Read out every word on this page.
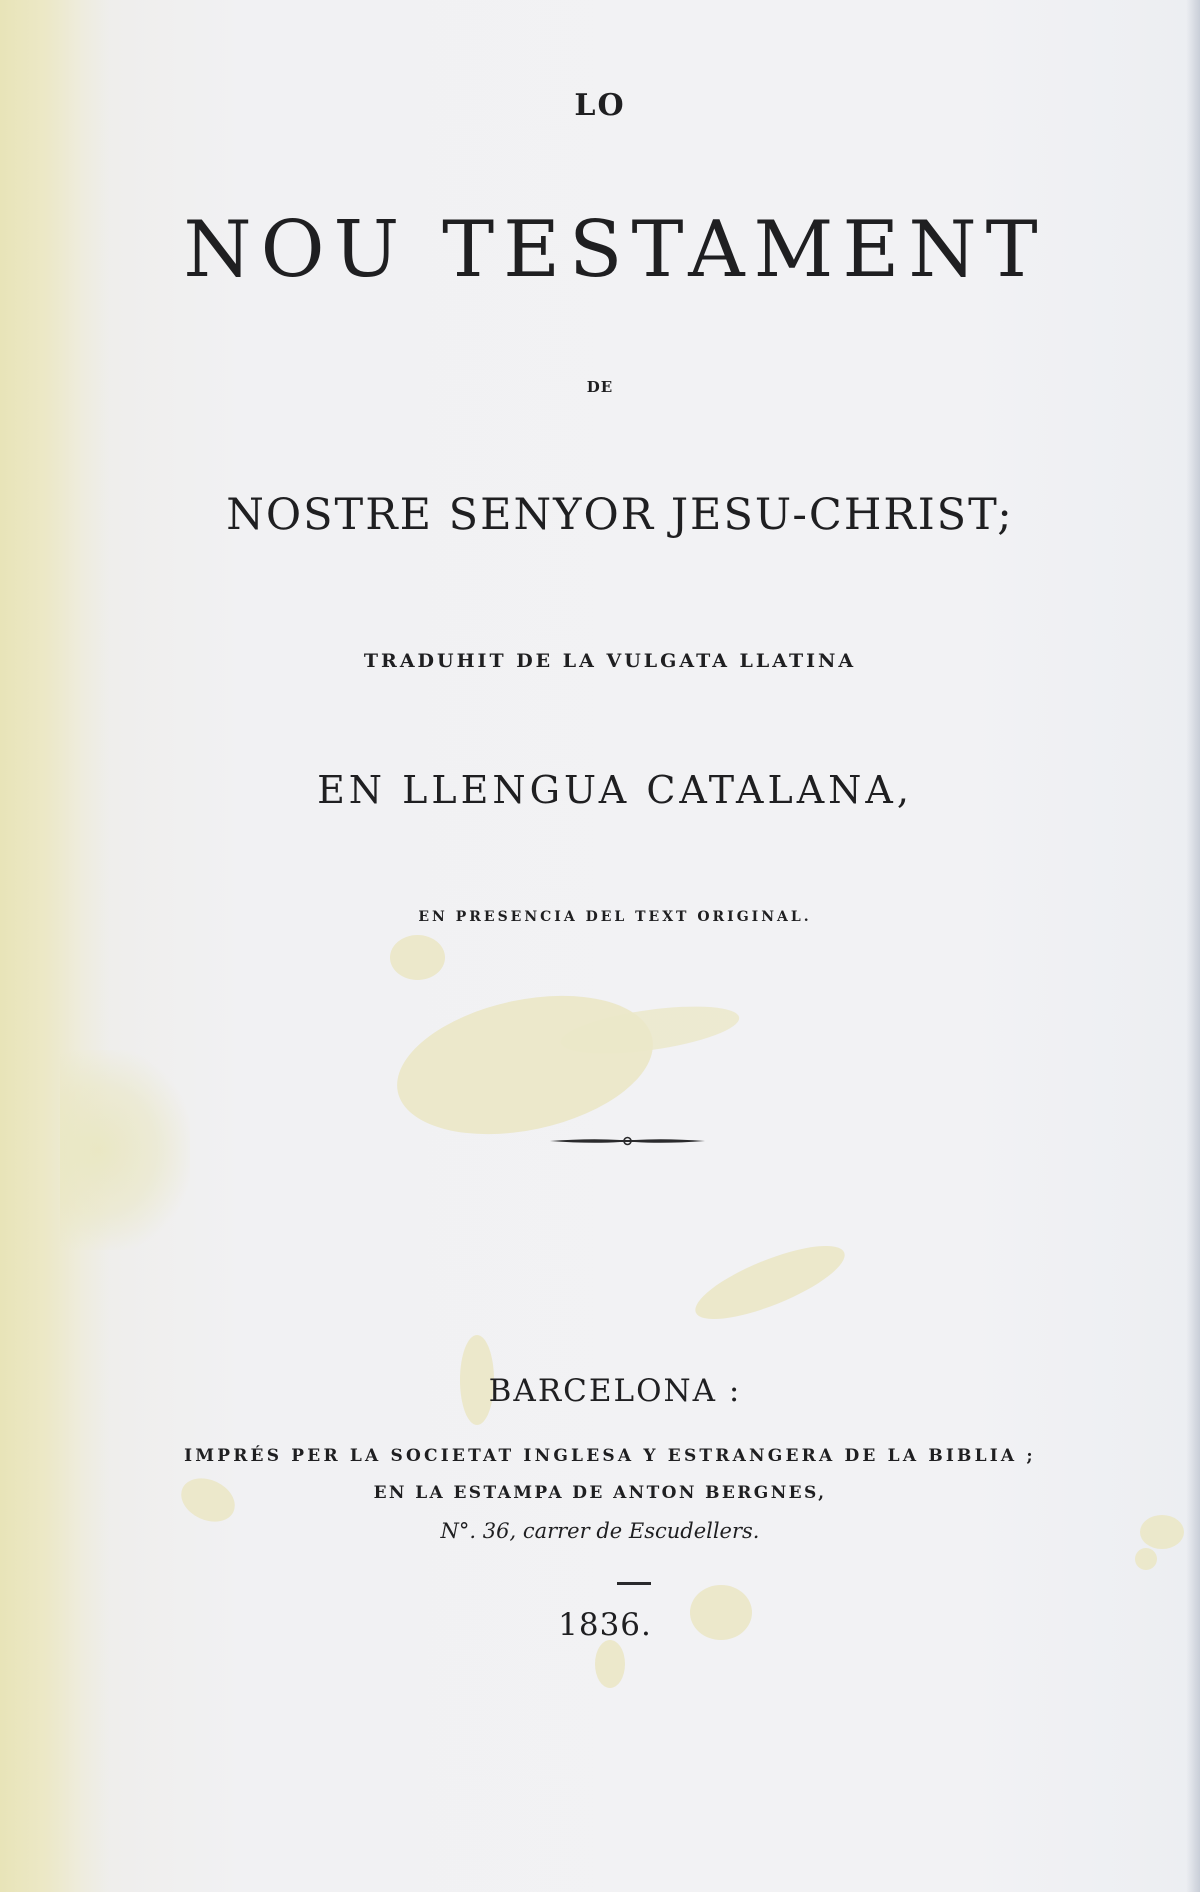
LO
NOU TESTAMENT
DE
NOSTRE SENYOR JESU-CHRIST;
TRADUHIT DE LA VULGATA LLATINA
EN LLENGUA CATALANA,
EN PRESENCIA DEL TEXT ORIGINAL.
BARCELONA :
IMPRÉS PER LA SOCIETAT INGLESA Y ESTRANGERA DE LA BIBLIA ;
EN LA ESTAMPA DE ANTON BERGNES,
N°. 36, carrer de Escudellers.
1836.
